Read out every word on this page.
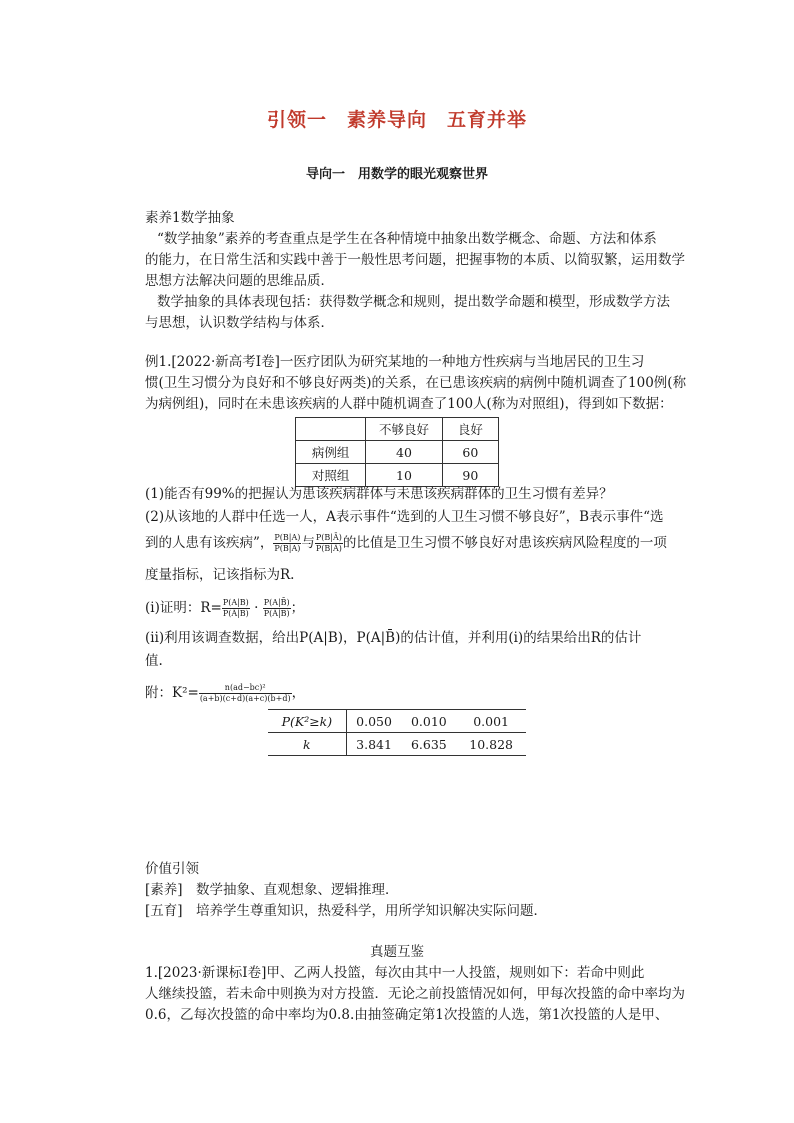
引领一　素养导向　五育并举
导向一　用数学的眼光观察世界
素养1数学抽象
“数学抽象”素养的考查重点是学生在各种情境中抽象出数学概念、命题、方法和体系
的能力，在日常生活和实践中善于一般性思考问题，把握事物的本质、以简驭繁，运用数学
思想方法解决问题的思维品质．
数学抽象的具体表现包括：获得数学概念和规则，提出数学命题和模型，形成数学方法
与思想，认识数学结构与体系．
例1.[2022·新高考Ⅰ卷]一医疗团队为研究某地的一种地方性疾病与当地居民的卫生习
惯(卫生习惯分为良好和不够良好两类)的关系，在已患该疾病的病例中随机调查了100例(称
为病例组)，同时在未患该疾病的人群中随机调查了100人(称为对照组)，得到如下数据：
	不够良好	良好
病例组	40	60
对照组	10	90
(1)能否有99%的把握认为患该疾病群体与未患该疾病群体的卫生习惯有差异？
(2)从该地的人群中任选一人，A表示事件“选到的人卫生习惯不够良好”，B表示事件“选
到的人患有该疾病”， $\frac{P(B|A)}{P(B̄|A)}$ 与 $\frac{P(B|Ā)}{P(B̄|Ā)}$ 的比值是卫生习惯不够良好对患该疾病风险程度的一项
度量指标，记该指标为R.
(ⅰ)证明：$R= \frac{P(A|B)}{P(Ā|B)} \cdot \frac{P(A|B̄)}{P(Ā|B̄)}$ ；
(ⅱ)利用该调查数据，给出P(A|B)，P(A|B̄)的估计值，并利用(ⅰ)的结果给出R的估计
值.
附：$K^2= \frac{\text{n(ad−bc)²}}{(a+b)(c+d)(a+c)(b+d)}$ ，
P(K²≥k)	0.050	0.010	0.001
k	3.841	6.635	10.828
价值引领
[素养]　数学抽象、直观想象、逻辑推理．
[五育]　培养学生尊重知识，热爱科学，用所学知识解决实际问题．
真题互鉴
1.[2023·新课标Ⅰ卷]甲、乙两人投篮，每次由其中一人投篮，规则如下：若命中则此
人继续投篮，若未命中则换为对方投篮．无论之前投篮情况如何，甲每次投篮的命中率均为
0.6，乙每次投篮的命中率均为0.8.由抽签确定第1次投篮的人选，第1次投篮的人是甲、
